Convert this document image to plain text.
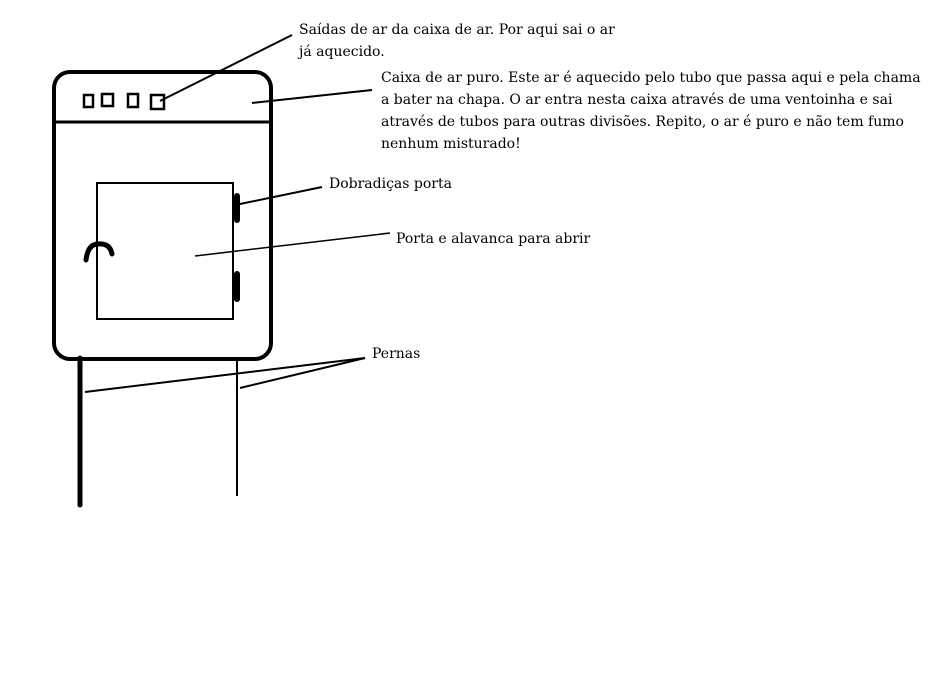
Saídas de ar da caixa de ar. Por aqui sai o ar já aquecido.
Caixa de ar puro. Este ar é aquecido pelo tubo que passa aqui e pela chama a bater na chapa. O ar entra nesta caixa através de uma ventoinha e sai através de tubos para outras divisões. Repito, o ar é puro e não tem fumo nenhum misturado!
Dobradiças porta
Porta e alavanca para abrir
Pernas
